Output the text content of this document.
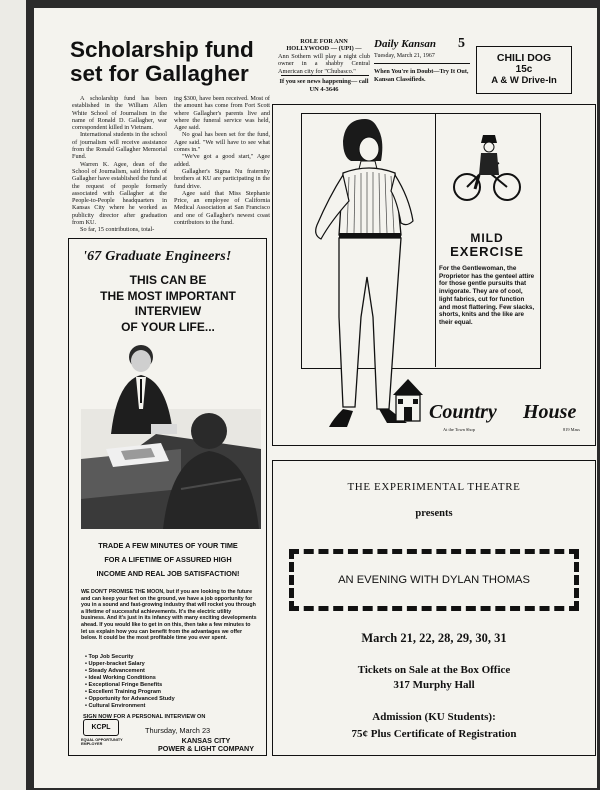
Scholarship fund
set for Gallagher

A scholarship fund has been established in the William Allen White School of Journalism in the name of Ronald D. Gallagher, war correspondent killed in Vietnam.

International students in the school of journalism will receive assistance from the Ronald Gallagher Memorial Fund.

Warren K. Agee, dean of the School of Journalism, said friends of Gallagher have established the fund at the request of people formerly associated with Gallagher at the People-to-People headquarters in Kansas City where he worked as publicity director after graduation from KU.

So far, 15 contributions, total-

ing $300, have been received. Most of the amount has come from Fort Scott where Gallagher's parents live and where the funeral service was held, Agee said.

No goal has been set for the fund, Agee said. "We will have to see what comes in."

"We've got a good start," Agee added.

Gallagher's Sigma Nu fraternity brothers at KU are participating in the fund drive.

Agee said that Miss Stephanie Price, an employee of California Medical Association at San Francisco and one of Gallagher's newest coast contributors to the fund.

ROLE FOR ANN
HOLLYWOOD — (UPI) —
Ann Sothern will play a night club owner in a shabby Central American city for "Chubasco."
If you see news happening— call UN 4-3646
Daily Kansan
Tuesday, March 21, 1967
5
When You're in Doubt—Try It Out, Kansan Classifieds.
CHILI DOG
15c
A & W Drive-In
'67 Graduate Engineers!
THIS CAN BE
THE MOST IMPORTANT
INTERVIEW
OF YOUR LIFE...
TRADE A FEW MINUTES OF YOUR TIME
FOR A LIFETIME OF ASSURED HIGH
INCOME AND REAL JOB SATISFACTION!
WE DON'T PROMISE THE MOON, but if you are looking to the future and can keep your feet on the ground, we have a job opportunity for you in a sound and fast-growing industry that will rocket you through a lifetime of successful achievements. It's the electric utility business. And it's just in its infancy with many exciting developments ahead. If you would like to get in on this, then take a few minutes to let us explain how you can benefit from the advantages we offer below. It could be the most profitable time you ever spent.
• Top Job Security
• Upper-bracket Salary
• Steady Advancement
• Ideal Working Conditions
• Exceptional Fringe Benefits
• Excellent Training Program
• Opportunity for Advanced Study
• Cultural Environment
SIGN NOW FOR A PERSONAL INTERVIEW ON
Thursday, March 23
KCPL
EQUAL OPPORTUNITY EMPLOYER	KANSAS CITY
POWER & LIGHT COMPANY
MILD
EXERCISE
For the Gentlewoman, the Proprietor has the genteel attire for those gentle pursuits that invigorate. They are of cool, light fabrics, cut for function and most flattering. Few slacks, shorts, knits and the like are their equal.
Country House
At the Town Shop	819 Mass
THE EXPERIMENTAL THEATRE
presents
AN EVENING WITH DYLAN THOMAS
March 21, 22, 28, 29, 30, 31
Tickets on Sale at the Box Office
317 Murphy Hall
Admission (KU Students):
75¢ Plus Certificate of Registration
